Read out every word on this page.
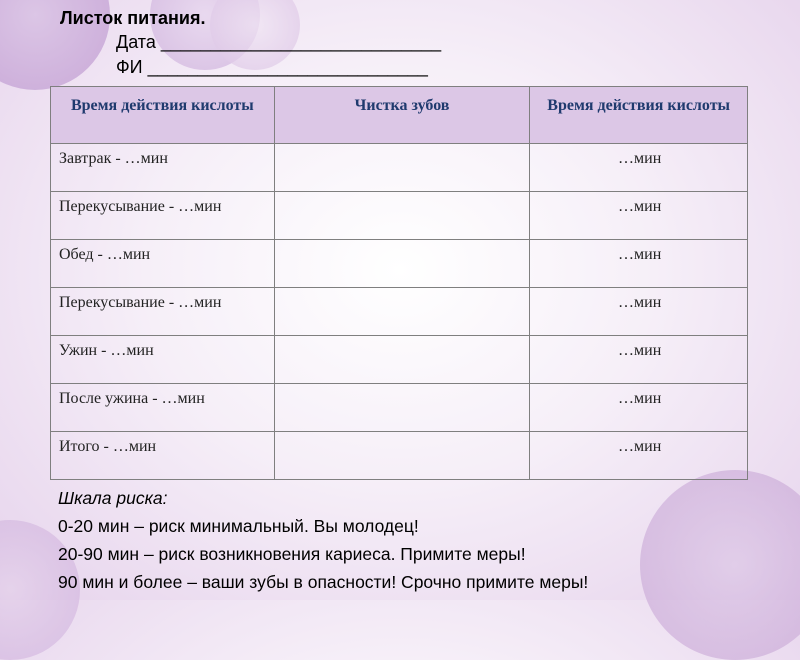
Листок питания.
Дата ____________________________
ФИ ____________________________
Время действия кислоты	Чистка зубов	Время действия кислоты
Завтрак - …мин		…мин
Перекусывание - …мин		…мин
Обед - …мин		…мин
Перекусывание - …мин		…мин
Ужин - …мин		…мин
После ужина - …мин		…мин
Итого - …мин		…мин
Шкала риска:
0-20 мин – риск минимальный. Вы молодец!
20-90 мин – риск возникновения кариеса. Примите меры!
90 мин и более – ваши зубы в опасности! Срочно примите меры!
